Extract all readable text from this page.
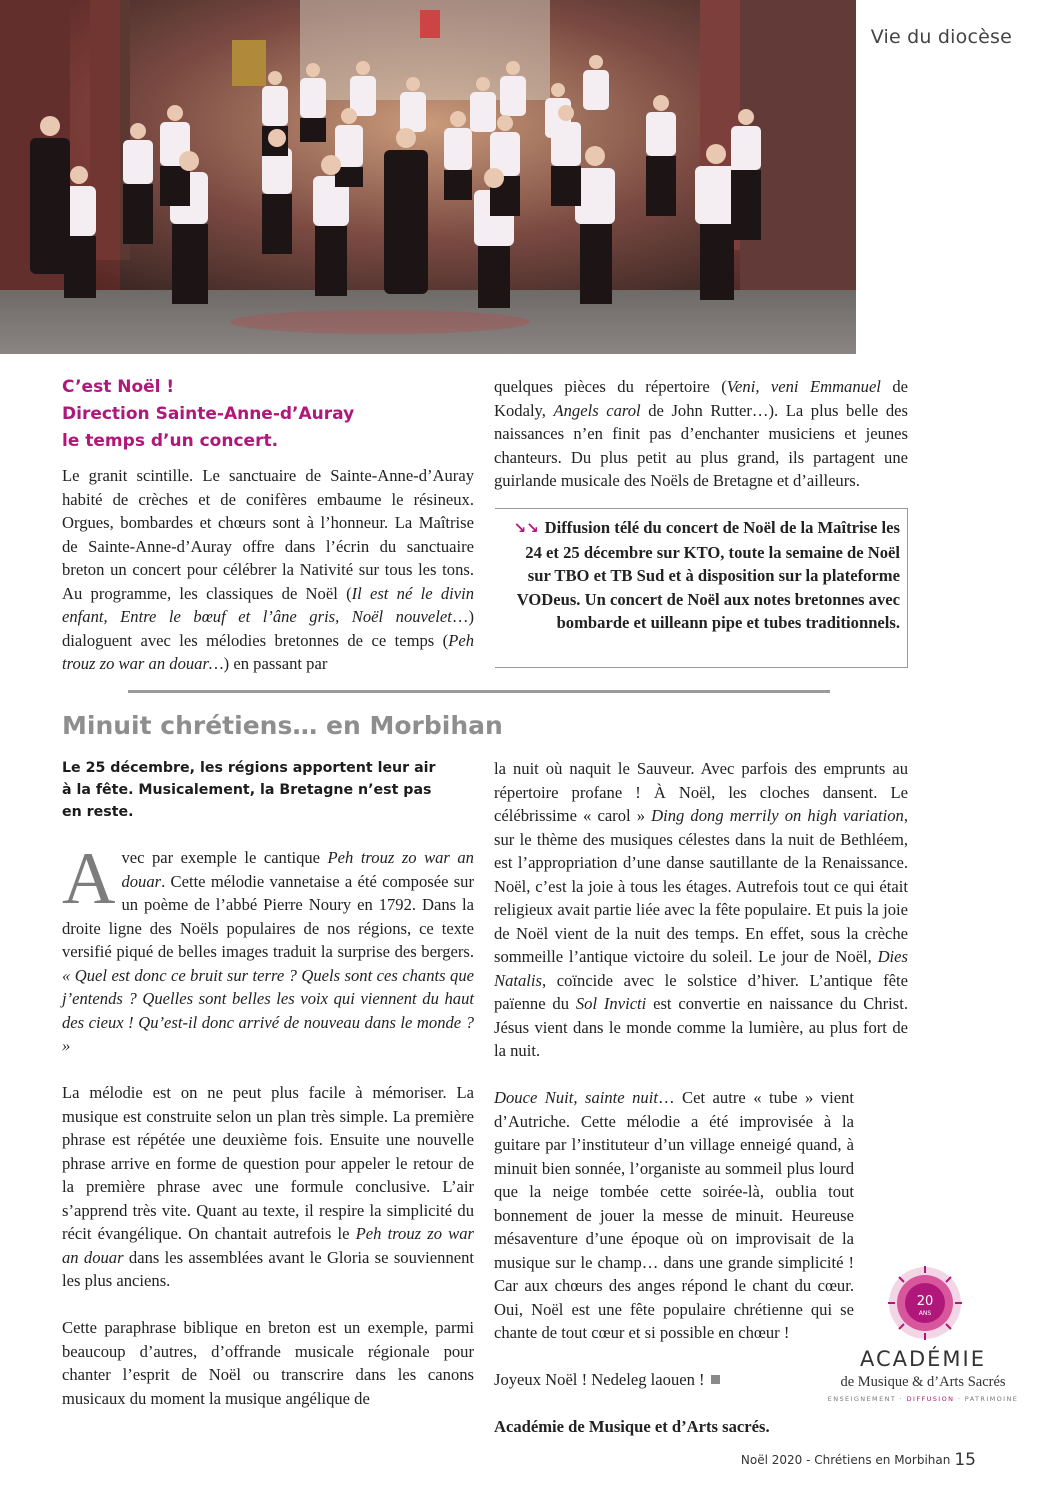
Vie du diocèse
C’est Noël !
Direction Sainte-Anne-d’Auray
le temps d’un concert.

Le granit scintille. Le sanctuaire de Sainte-Anne-d’Auray habité de crèches et de conifères embaume le résineux. Orgues, bombardes et chœurs sont à l’honneur. La Maîtrise de Sainte-Anne-d’Auray offre dans l’écrin du sanctuaire breton un concert pour célébrer la Nativité sur tous les tons. Au programme, les classiques de Noël (Il est né le divin enfant, Entre le bœuf et l’âne gris, Noël nouvelet…) dialoguent avec les mélodies bretonnes de ce temps (Peh trouz zo war an douar…) en passant par

quelques pièces du répertoire (Veni, veni Emmanuel de Kodaly, Angels carol de John Rutter…). La plus belle des naissances n’en finit pas d’enchanter musiciens et jeunes chanteurs. Du plus petit au plus grand, ils partagent une guirlande musicale des Noëls de Bretagne et d’ailleurs.

↘↘ Diffusion télé du concert de Noël de la Maîtrise les 24 et 25 décembre sur KTO, toute la semaine de Noël sur TBO et TB Sud et à disposition sur la plateforme VODeus. Un concert de Noël aux notes bretonnes avec bombarde et uilleann pipe et tubes traditionnels.
Minuit chrétiens… en Morbihan
Le 25 décembre, les régions apportent leur air
à la fête. Musicalement, la Bretagne n’est pas
en reste.

Avec par exemple le cantique Peh trouz zo war an douar. Cette mélodie vannetaise a été composée sur un poème de l’abbé Pierre Noury en 1792. Dans la droite ligne des Noëls populaires de nos régions, ce texte versifié piqué de belles images traduit la surprise des bergers. « Quel est donc ce bruit sur terre ? Quels sont ces chants que j’entends ? Quelles sont belles les voix qui viennent du haut des cieux ! Qu’est-il donc arrivé de nouveau dans le monde ? »

La mélodie est on ne peut plus facile à mémoriser. La musique est construite selon un plan très simple. La première phrase est répétée une deuxième fois. Ensuite une nouvelle phrase arrive en forme de question pour appeler le retour de la première phrase avec une formule conclusive. L’air s’apprend très vite. Quant au texte, il respire la simplicité du récit évangélique. On chantait autrefois le Peh trouz zo war an douar dans les assemblées avant le Gloria se souviennent les plus anciens.

Cette paraphrase biblique en breton est un exemple, parmi beaucoup d’autres, d’offrande musicale régionale pour chanter l’esprit de Noël ou transcrire dans les canons musicaux du moment la musique angélique de

la nuit où naquit le Sauveur. Avec parfois des emprunts au répertoire profane ! À Noël, les cloches dansent. Le célébrissime « carol » Ding dong merrily on high variation, sur le thème des musiques célestes dans la nuit de Bethléem, est l’appropriation d’une danse sautillante de la Renaissance. Noël, c’est la joie à tous les étages. Autrefois tout ce qui était religieux avait partie liée avec la fête populaire. Et puis la joie de Noël vient de la nuit des temps. En effet, sous la crèche sommeille l’antique victoire du soleil. Le jour de Noël, Dies Natalis, coïncide avec le solstice d’hiver. L’antique fête païenne du Sol Invicti est convertie en naissance du Christ. Jésus vient dans le monde comme la lumière, au plus fort de la nuit.

Douce Nuit, sainte nuit… Cet autre « tube » vient d’Autriche. Cette mélodie a été improvisée à la guitare par l’instituteur d’un village enneigé quand, à minuit bien sonnée, l’organiste au sommeil plus lourd que la neige tombée cette soirée-là, oublia tout bonnement de jouer la messe de minuit. Heureuse mésaventure d’une époque où on improvisait de la musique sur le champ… dans une grande simplicité ! Car aux chœurs des anges répond le chant du cœur. Oui, Noël est une fête populaire chrétienne qui se chante de tout cœur et si possible en chœur !

Joyeux Noël ! Nedeleg laouen !

Académie de Musique et d’Arts sacrés.

20
ANS
ACADÉMIE
de Musique & d’Arts Sacrés
ENSEIGNEMENT · DIFFUSION · PATRIMOINE
Noël 2020 - Chrétiens en Morbihan 15
